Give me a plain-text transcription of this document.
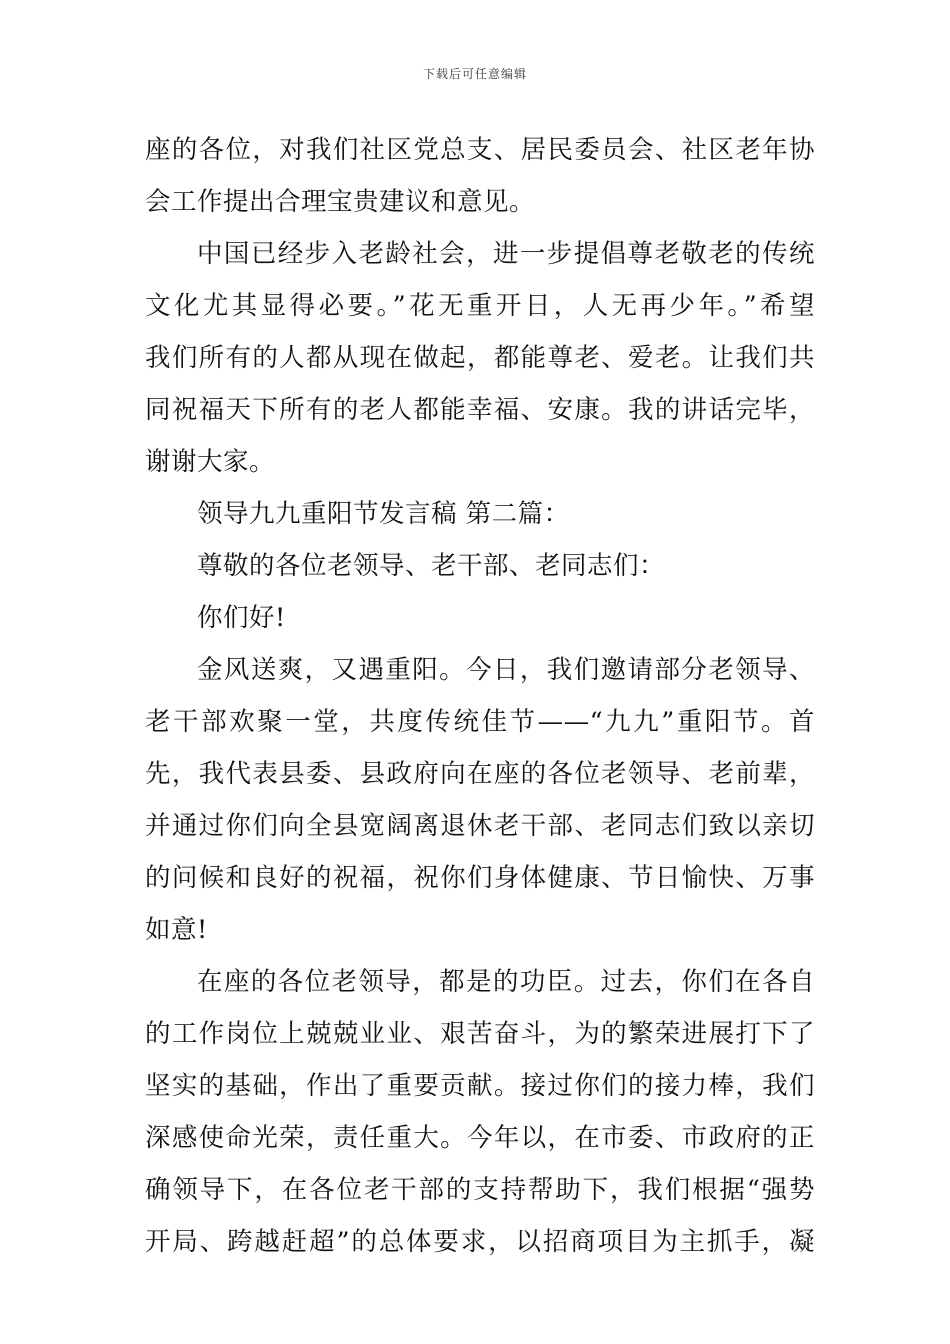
下载后可任意编辑
座的各位，对我们社区党总支、居民委员会、社区老年协
会工作提出合理宝贵建议和意见。
中国已经步入老龄社会，进一步提倡尊老敬老的传统
文化尤其显得必要。”花无重开日，人无再少年。”希望
我们所有的人都从现在做起，都能尊老、爱老。让我们共
同祝福天下所有的老人都能幸福、安康。我的讲话完毕，
谢谢大家。
领导九九重阳节发言稿 第二篇：
尊敬的各位老领导、老干部、老同志们：
你们好!
金风送爽，又遇重阳。今日，我们邀请部分老领导、
老干部欢聚一堂，共度传统佳节——“九九”重阳节。首
先，我代表县委、县政府向在座的各位老领导、老前辈，
并通过你们向全县宽阔离退休老干部、老同志们致以亲切
的问候和良好的祝福，祝你们身体健康、节日愉快、万事
如意!
在座的各位老领导，都是的功臣。过去，你们在各自
的工作岗位上兢兢业业、艰苦奋斗，为的繁荣进展打下了
坚实的基础，作出了重要贡献。接过你们的接力棒，我们
深感使命光荣，责任重大。今年以，在市委、市政府的正
确领导下，在各位老干部的支持帮助下，我们根据“强势
开局、跨越赶超”的总体要求，以招商项目为主抓手，凝
